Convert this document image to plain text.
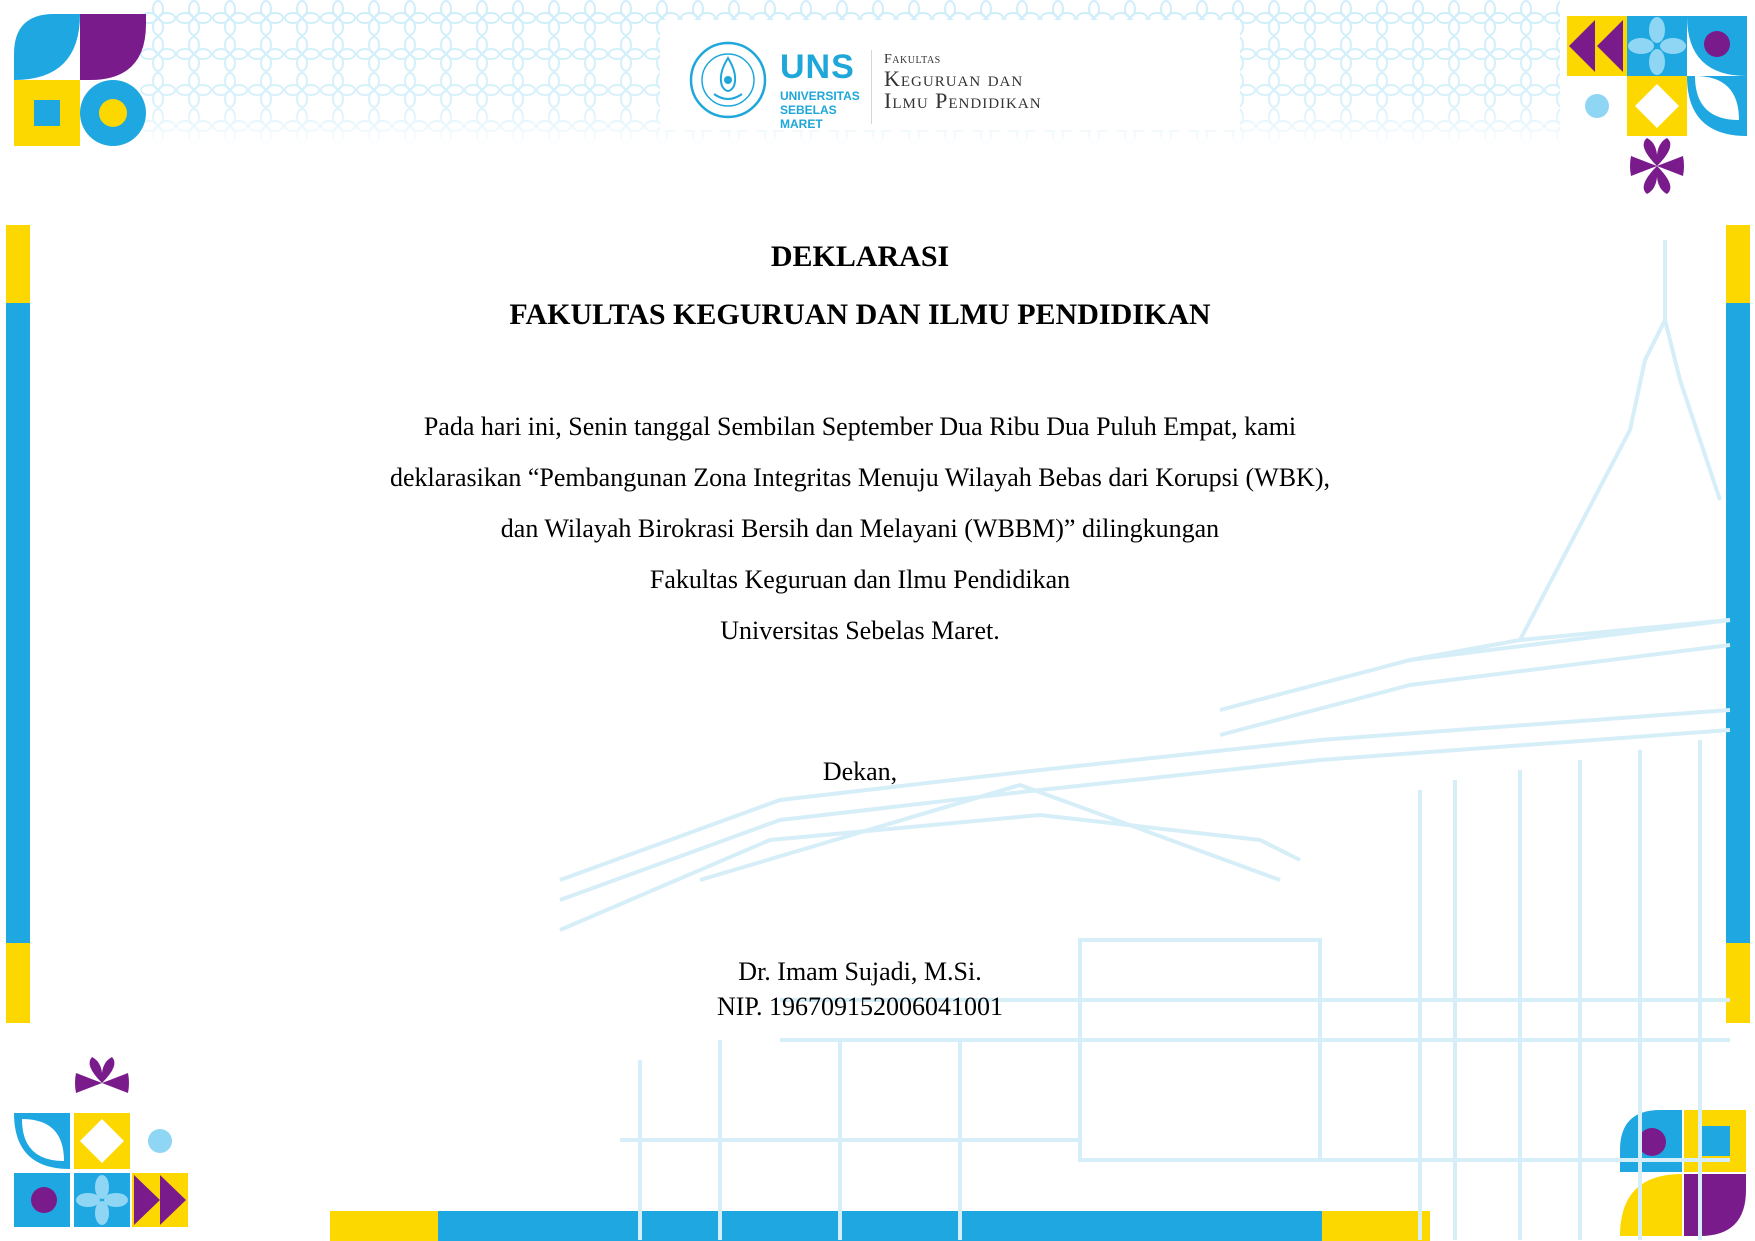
UNS
UNIVERSITAS
SEBELAS MARET
Fakultas
Keguruan dan
Ilmu Pendidikan
DEKLARASI
FAKULTAS KEGURUAN DAN ILMU PENDIDIKAN
Pada hari ini, Senin tanggal Sembilan September Dua Ribu Dua Puluh Empat, kami
deklarasikan “Pembangunan Zona Integritas Menuju Wilayah Bebas dari Korupsi (WBK),
dan Wilayah Birokrasi Bersih dan Melayani (WBBM)” dilingkungan
Fakultas Keguruan dan Ilmu Pendidikan
Universitas Sebelas Maret.
Dekan,
Dr. Imam Sujadi, M.Si.
NIP. 196709152006041001
